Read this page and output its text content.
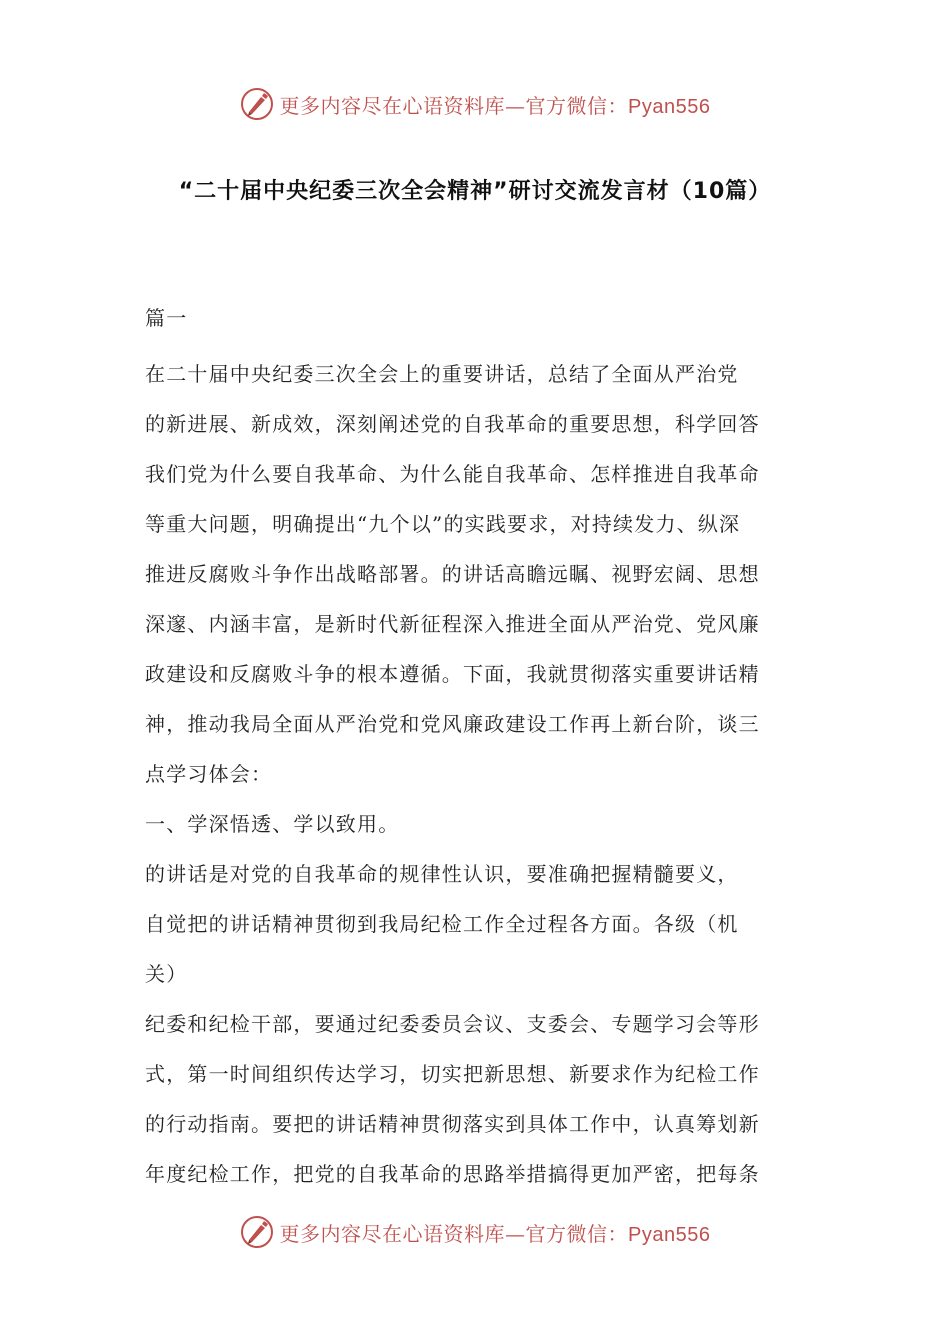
更多内容尽在心语资料库—官方微信：Pyan556
“二十届中央纪委三次全会精神”研讨交流发言材（10篇）
篇一
在二十届中央纪委三次全会上的重要讲话，总结了全面从严治党
的新进展、新成效，深刻阐述党的自我革命的重要思想，科学回答
我们党为什么要自我革命、为什么能自我革命、怎样推进自我革命
等重大问题，明确提出“九个以”的实践要求，对持续发力、纵深
推进反腐败斗争作出战略部署。的讲话高瞻远瞩、视野宏阔、思想
深邃、内涵丰富，是新时代新征程深入推进全面从严治党、党风廉
政建设和反腐败斗争的根本遵循。下面，我就贯彻落实重要讲话精
神，推动我局全面从严治党和党风廉政建设工作再上新台阶，谈三
点学习体会：
一、学深悟透、学以致用。
的讲话是对党的自我革命的规律性认识，要准确把握精髓要义，
自觉把的讲话精神贯彻到我局纪检工作全过程各方面。各级（机
关）
纪委和纪检干部，要通过纪委委员会议、支委会、专题学习会等形
式，第一时间组织传达学习，切实把新思想、新要求作为纪检工作
的行动指南。要把的讲话精神贯彻落实到具体工作中，认真筹划新
年度纪检工作，把党的自我革命的思路举措搞得更加严密，把每条
更多内容尽在心语资料库—官方微信：Pyan556
